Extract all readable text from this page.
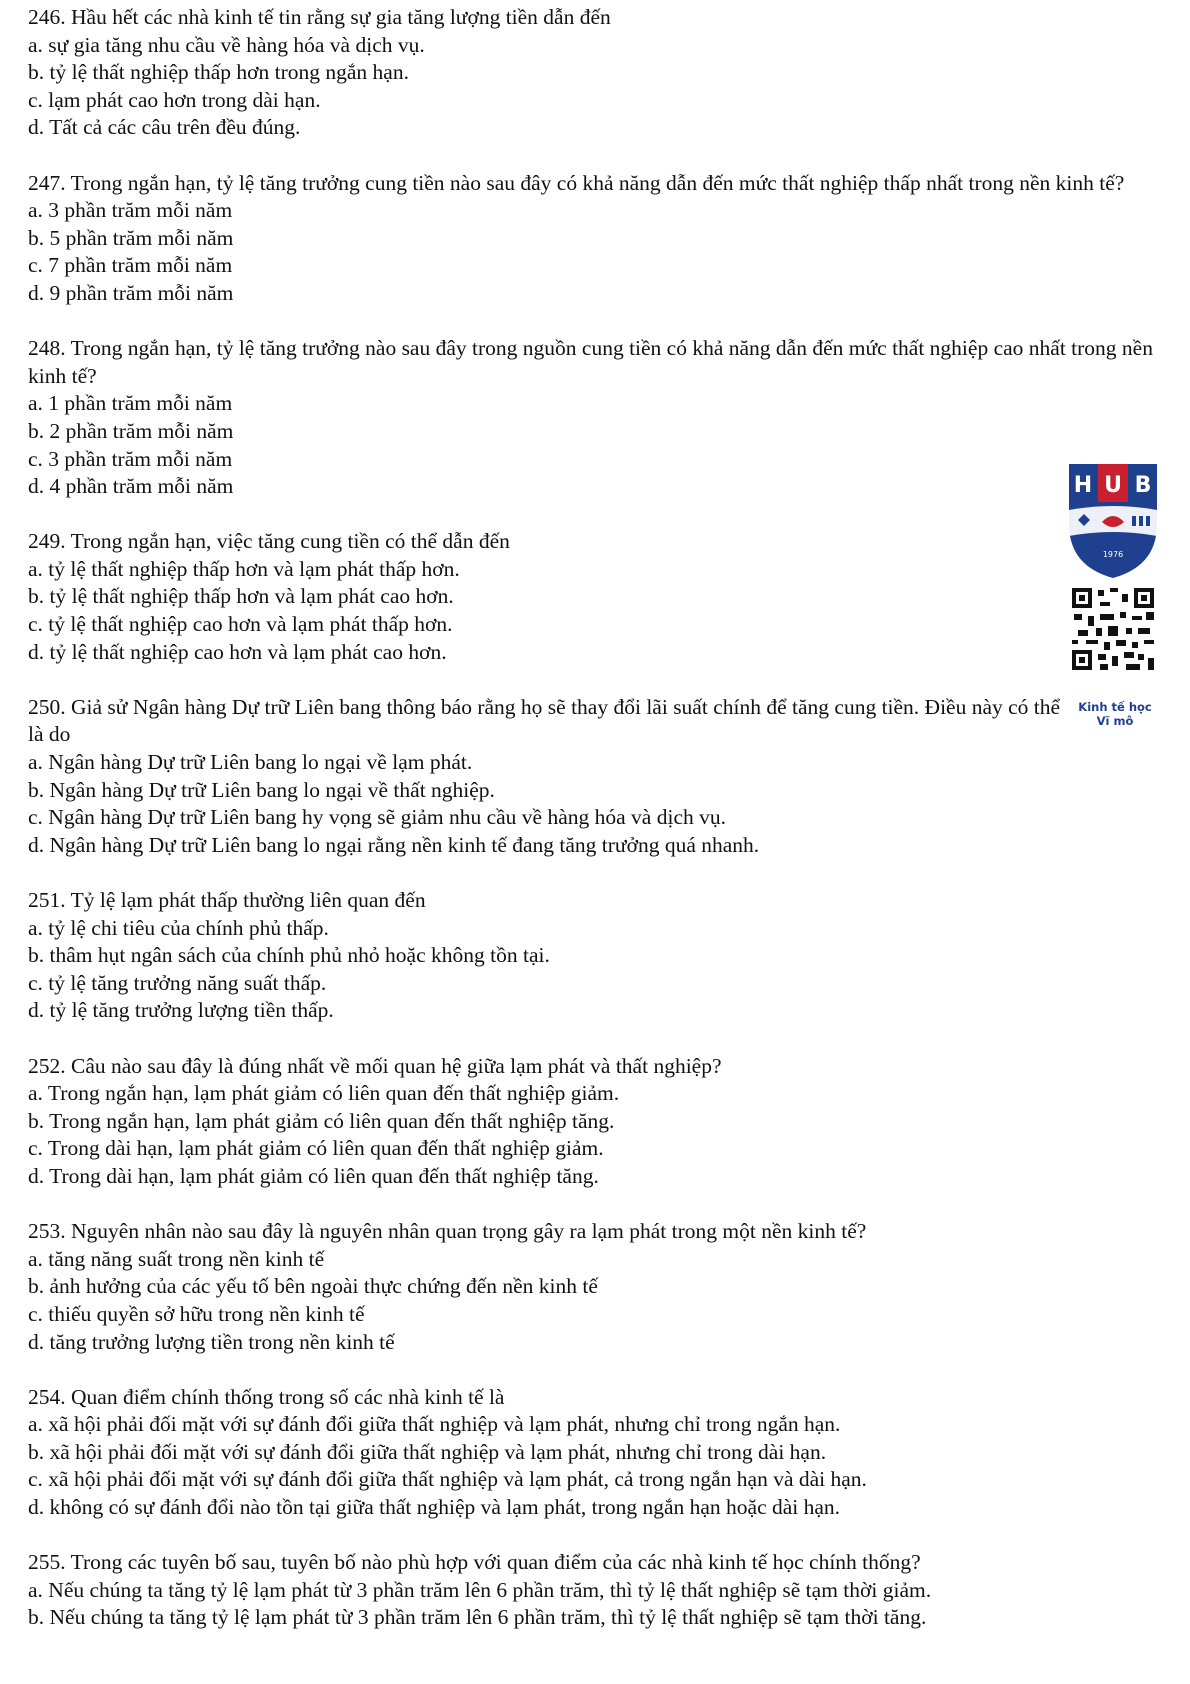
246. Hầu hết các nhà kinh tế tin rằng sự gia tăng lượng tiền dẫn đến

a. sự gia tăng nhu cầu về hàng hóa và dịch vụ.

b. tỷ lệ thất nghiệp thấp hơn trong ngắn hạn.

c. lạm phát cao hơn trong dài hạn.

d. Tất cả các câu trên đều đúng.

247. Trong ngắn hạn, tỷ lệ tăng trưởng cung tiền nào sau đây có khả năng dẫn đến mức thất nghiệp thấp nhất trong nền kinh tế?

a. 3 phần trăm mỗi năm

b. 5 phần trăm mỗi năm

c. 7 phần trăm mỗi năm

d. 9 phần trăm mỗi năm

248. Trong ngắn hạn, tỷ lệ tăng trưởng nào sau đây trong nguồn cung tiền có khả năng dẫn đến mức thất nghiệp cao nhất trong nền kinh tế?

a. 1 phần trăm mỗi năm

b. 2 phần trăm mỗi năm

c. 3 phần trăm mỗi năm

d. 4 phần trăm mỗi năm

249. Trong ngắn hạn, việc tăng cung tiền có thể dẫn đến

a. tỷ lệ thất nghiệp thấp hơn và lạm phát thấp hơn.

b. tỷ lệ thất nghiệp thấp hơn và lạm phát cao hơn.

c. tỷ lệ thất nghiệp cao hơn và lạm phát thấp hơn.

d. tỷ lệ thất nghiệp cao hơn và lạm phát cao hơn.

250. Giả sử Ngân hàng Dự trữ Liên bang thông báo rằng họ sẽ thay đổi lãi suất chính để tăng cung tiền. Điều này có thể là do

a. Ngân hàng Dự trữ Liên bang lo ngại về lạm phát.

b. Ngân hàng Dự trữ Liên bang lo ngại về thất nghiệp.

c. Ngân hàng Dự trữ Liên bang hy vọng sẽ giảm nhu cầu về hàng hóa và dịch vụ.

d. Ngân hàng Dự trữ Liên bang lo ngại rằng nền kinh tế đang tăng trưởng quá nhanh.

251. Tỷ lệ lạm phát thấp thường liên quan đến

a. tỷ lệ chi tiêu của chính phủ thấp.

b. thâm hụt ngân sách của chính phủ nhỏ hoặc không tồn tại.

c. tỷ lệ tăng trưởng năng suất thấp.

d. tỷ lệ tăng trưởng lượng tiền thấp.

252. Câu nào sau đây là đúng nhất về mối quan hệ giữa lạm phát và thất nghiệp?

a. Trong ngắn hạn, lạm phát giảm có liên quan đến thất nghiệp giảm.

b. Trong ngắn hạn, lạm phát giảm có liên quan đến thất nghiệp tăng.

c. Trong dài hạn, lạm phát giảm có liên quan đến thất nghiệp giảm.

d. Trong dài hạn, lạm phát giảm có liên quan đến thất nghiệp tăng.

253. Nguyên nhân nào sau đây là nguyên nhân quan trọng gây ra lạm phát trong một nền kinh tế?

a. tăng năng suất trong nền kinh tế

b. ảnh hưởng của các yếu tố bên ngoài thực chứng đến nền kinh tế

c. thiếu quyền sở hữu trong nền kinh tế

d. tăng trưởng lượng tiền trong nền kinh tế

254. Quan điểm chính thống trong số các nhà kinh tế là

a. xã hội phải đối mặt với sự đánh đổi giữa thất nghiệp và lạm phát, nhưng chỉ trong ngắn hạn.

b. xã hội phải đối mặt với sự đánh đổi giữa thất nghiệp và lạm phát, nhưng chỉ trong dài hạn.

c. xã hội phải đối mặt với sự đánh đổi giữa thất nghiệp và lạm phát, cả trong ngắn hạn và dài hạn.

d. không có sự đánh đổi nào tồn tại giữa thất nghiệp và lạm phát, trong ngắn hạn hoặc dài hạn.

255. Trong các tuyên bố sau, tuyên bố nào phù hợp với quan điểm của các nhà kinh tế học chính thống?

a. Nếu chúng ta tăng tỷ lệ lạm phát từ 3 phần trăm lên 6 phần trăm, thì tỷ lệ thất nghiệp sẽ tạm thời giảm.

b. Nếu chúng ta tăng tỷ lệ lạm phát từ 3 phần trăm lên 6 phần trăm, thì tỷ lệ thất nghiệp sẽ tạm thời tăng.

H U B
1976
Kinh tế học
Vĩ mô
